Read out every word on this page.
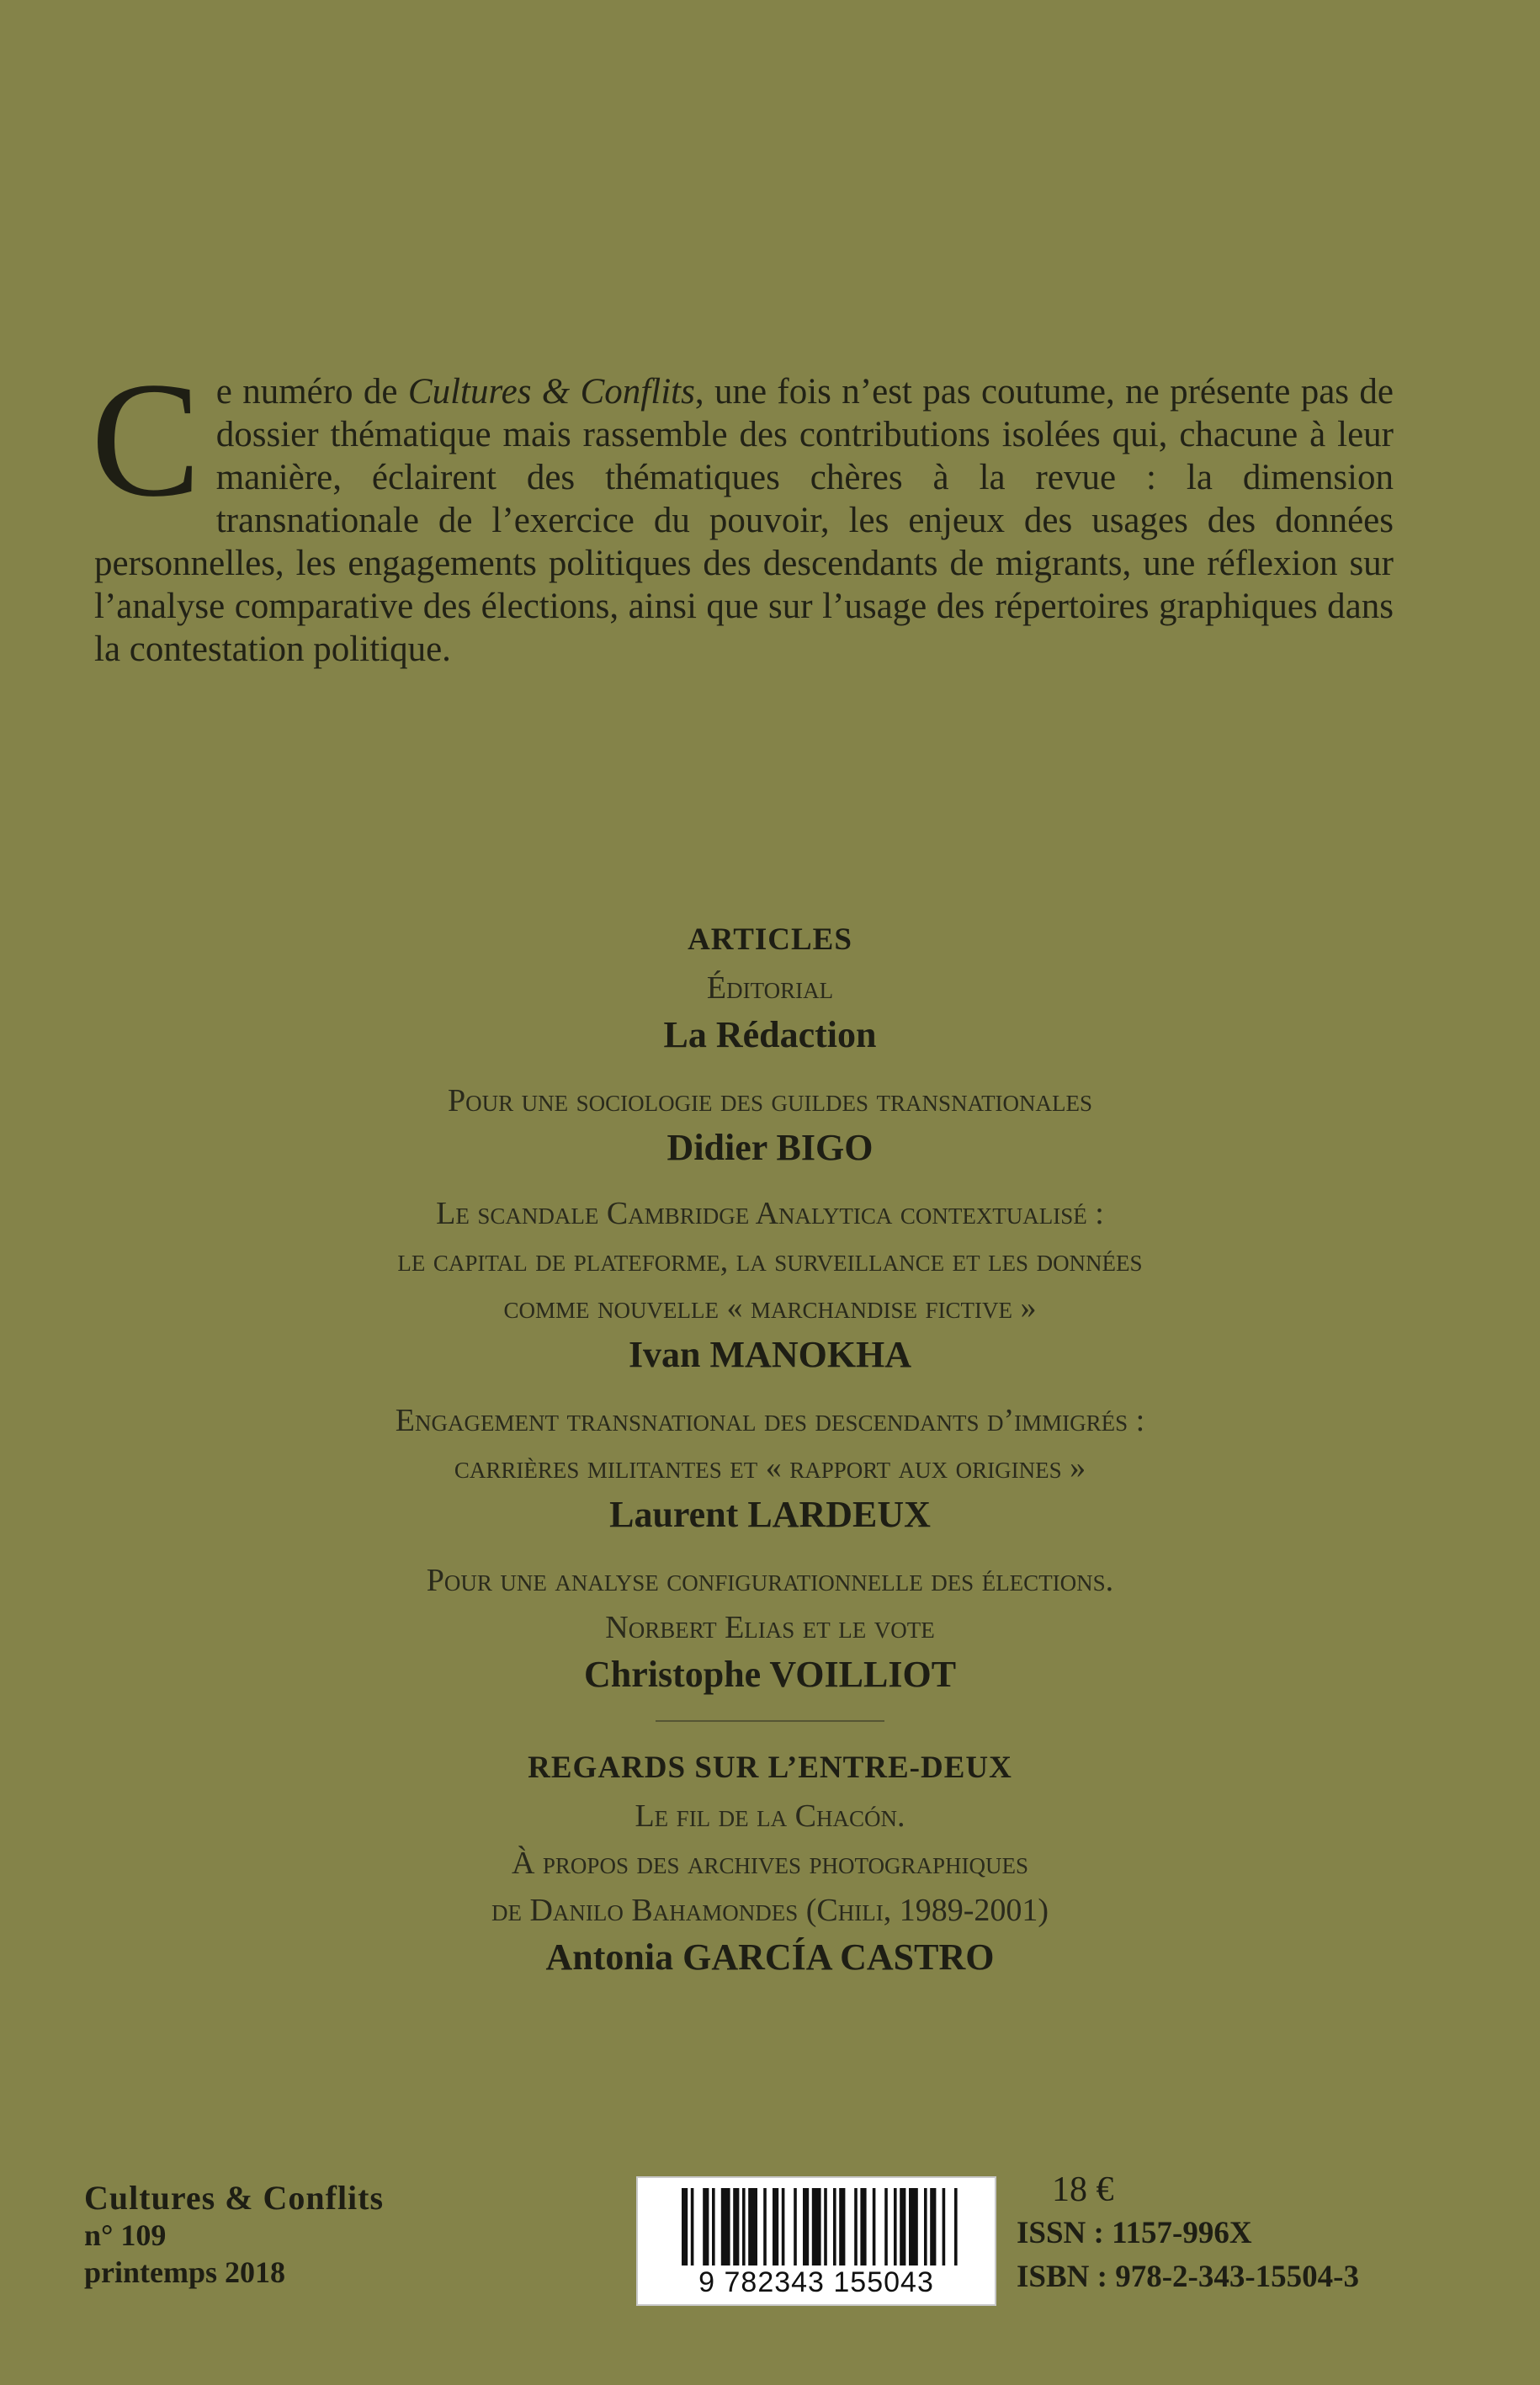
C e numéro de Cultures & Conflits, une fois n’est pas coutume, ne présente pas de dossier thématique mais rassemble des contributions isolées qui, chacune à leur manière, éclairent des thématiques chères à la revue : la dimension transnationale de l’exercice du pouvoir, les enjeux des usages des données personnelles, les engagements politiques des descendants de migrants, une réflexion sur l’analyse comparative des élections, ainsi que sur l’usage des répertoires graphiques dans la contestation politique.
ARTICLES
Éditorial
La Rédaction
Pour une sociologie des guildes transnationales
Didier BIGO
Le scandale Cambridge Analytica contextualisé :
le capital de plateforme, la surveillance et les données
comme nouvelle « marchandise fictive »
Ivan MANOKHA
Engagement transnational des descendants d’immigrés :
carrières militantes et « rapport aux origines »
Laurent LARDEUX
Pour une analyse configurationnelle des élections.
Norbert Elias et le vote
Christophe VOILLIOT
REGARDS SUR L’ENTRE-DEUX
Le fil de la Chacón.
À propos des archives photographiques
de Danilo Bahamondes (Chili, 1989-2001)
Antonia GARCÍA CASTRO
Cultures & Conflits
n° 109
printemps 2018	9 782343 155043
18 €
ISSN : 1157-996X
ISBN : 978-2-343-15504-3
